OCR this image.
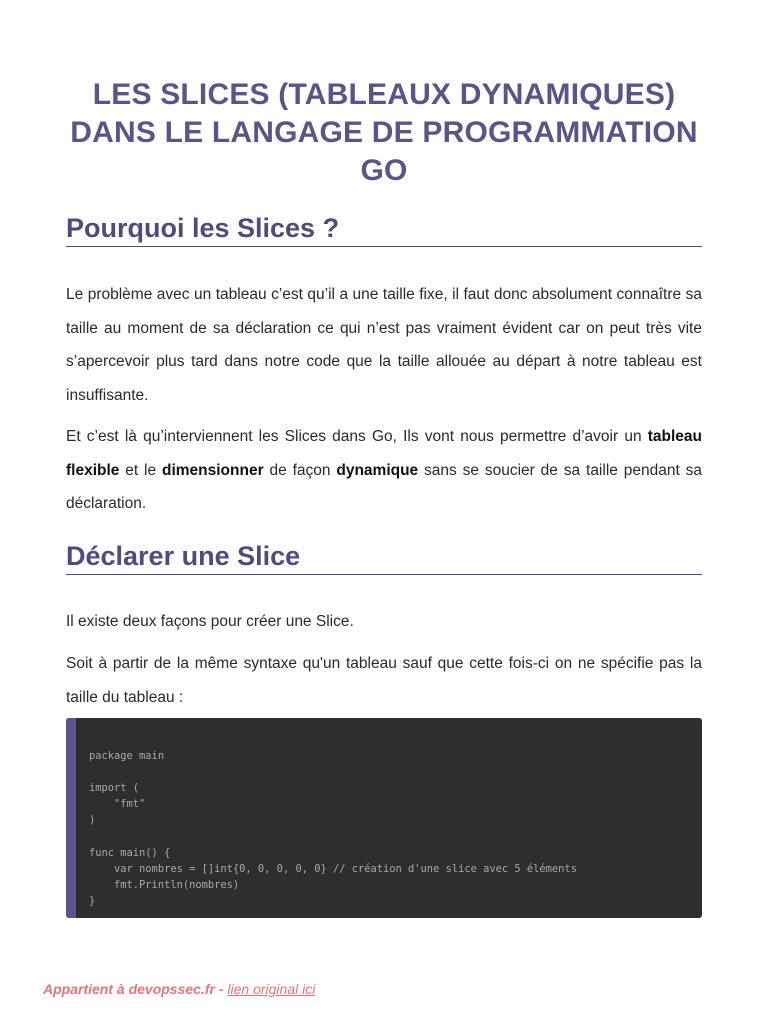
LES SLICES (TABLEAUX DYNAMIQUES)
DANS LE LANGAGE DE PROGRAMMATION
GO
Pourquoi les Slices ?
Le problème avec un tableau c’est qu’il a une taille fixe, il faut donc absolument connaître sa taille au moment de sa déclaration ce qui n’est pas vraiment évident car on peut très vite s’apercevoir plus tard dans notre code que la taille allouée au départ à notre tableau est insuffisante.
Et c’est là qu’interviennent les Slices dans Go, Ils vont nous permettre d’avoir un tableau flexible et le dimensionner de façon dynamique sans se soucier de sa taille pendant sa déclaration.
Déclarer une Slice
Il existe deux façons pour créer une Slice.
Soit à partir de la même syntaxe qu'un tableau sauf que cette fois-ci on ne spécifie pas la taille du tableau :
package main

import (
"fmt"
)

func main() {
var nombres = []int{0, 0, 0, 0, 0} // création d'une slice avec 5 éléments
fmt.Println(nombres)
}
Appartient à devopssec.fr - lien original ici
